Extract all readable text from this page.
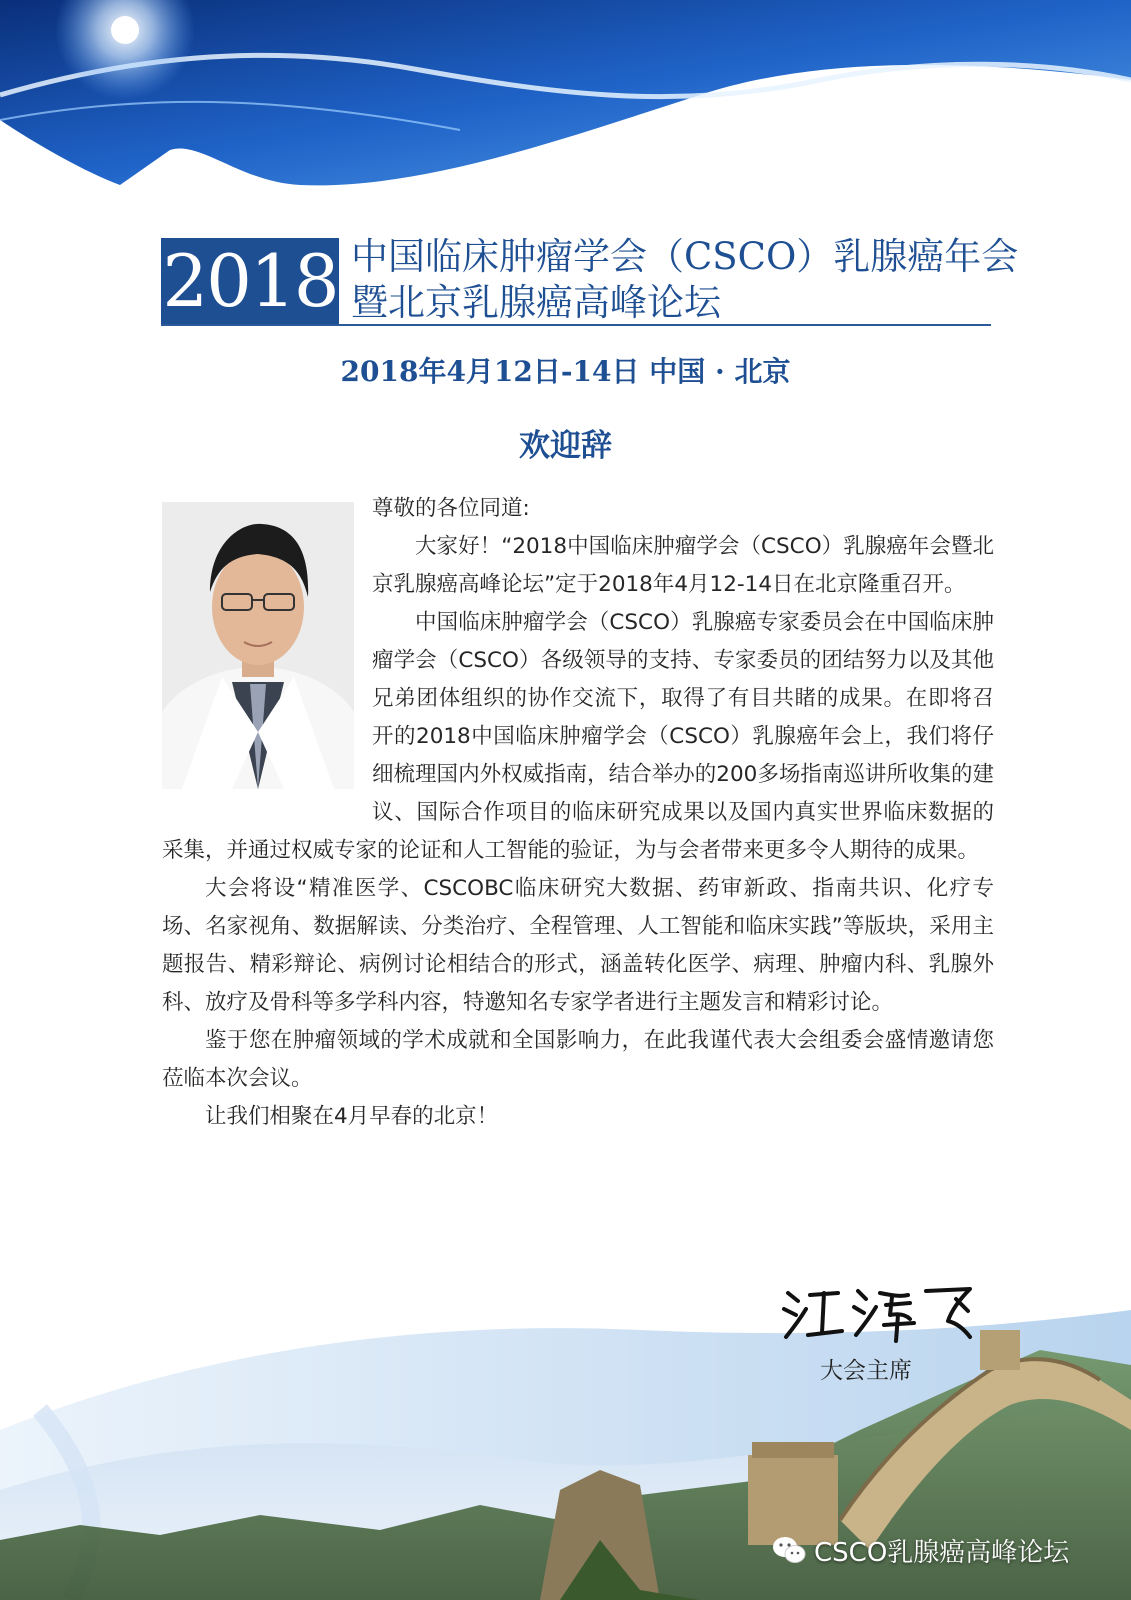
2018 中国临床肿瘤学会（CSCO）乳腺癌年会
暨北京乳腺癌高峰论坛
2018年4月12日-14日 中国 · 北京
欢迎辞

尊敬的各位同道:

大家好！“2018中国临床肿瘤学会（CSCO）乳腺癌年会暨北京乳腺癌高峰论坛”定于2018年4月12-14日在北京隆重召开。

中国临床肿瘤学会（CSCO）乳腺癌专家委员会在中国临床肿瘤学会（CSCO）各级领导的支持、专家委员的团结努力以及其他兄弟团体组织的协作交流下，取得了有目共睹的成果。在即将召开的2018中国临床肿瘤学会（CSCO）乳腺癌年会上，我们将仔细梳理国内外权威指南，结合举办的200多场指南巡讲所收集的建议、国际合作项目的临床研究成果以及国内真实世界临床数据的采集，并通过权威专家的论证和人工智能的验证，为与会者带来更多令人期待的成果。

大会将设“精准医学、CSCOBC临床研究大数据、药审新政、指南共识、化疗专场、名家视角、数据解读、分类治疗、全程管理、人工智能和临床实践”等版块，采用主题报告、精彩辩论、病例讨论相结合的形式，涵盖转化医学、病理、肿瘤内科、乳腺外科、放疗及骨科等多学科内容，特邀知名专家学者进行主题发言和精彩讨论。

鉴于您在肿瘤领域的学术成就和全国影响力，在此我谨代表大会组委会盛情邀请您莅临本次会议。

让我们相聚在4月早春的北京！

大会主席
CSCO乳腺癌高峰论坛
